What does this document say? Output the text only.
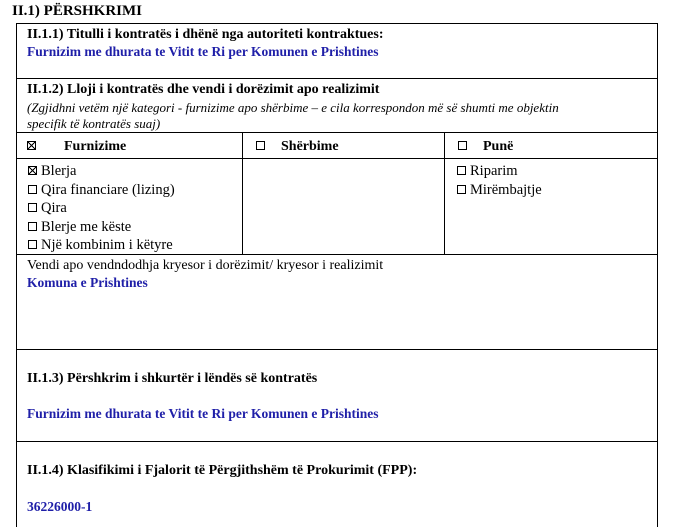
II.1) PËRSHKRIMI
II.1.1) Titulli i kontratës i dhënë nga autoriteti kontraktues:
Furnizim me dhurata te Vitit te Ri per Komunen e Prishtines
II.1.2) Lloji i kontratës dhe vendi i dorëzimit apo realizimit
(Zgjidhni vetëm një kategori - furnizime apo shërbime – e cila korrespondon më së shumti me objektin
specifik të kontratës suaj)
Furnizime	Shërbime	Punë
Blerja
Qira financiare (lizing)
Qira
Blerje me këste
Një kombinim i këtyre
Riparim
Mirëmbajtje
Vendi apo vendndodhja kryesor i dorëzimit/ kryesor i realizimit
Komuna e Prishtines
II.1.3) Përshkrim i shkurtër i lëndës së kontratës
Furnizim me dhurata te Vitit te Ri per Komunen e Prishtines
II.1.4) Klasifikimi i Fjalorit të Përgjithshëm të Prokurimit (FPP):
36226000-1
